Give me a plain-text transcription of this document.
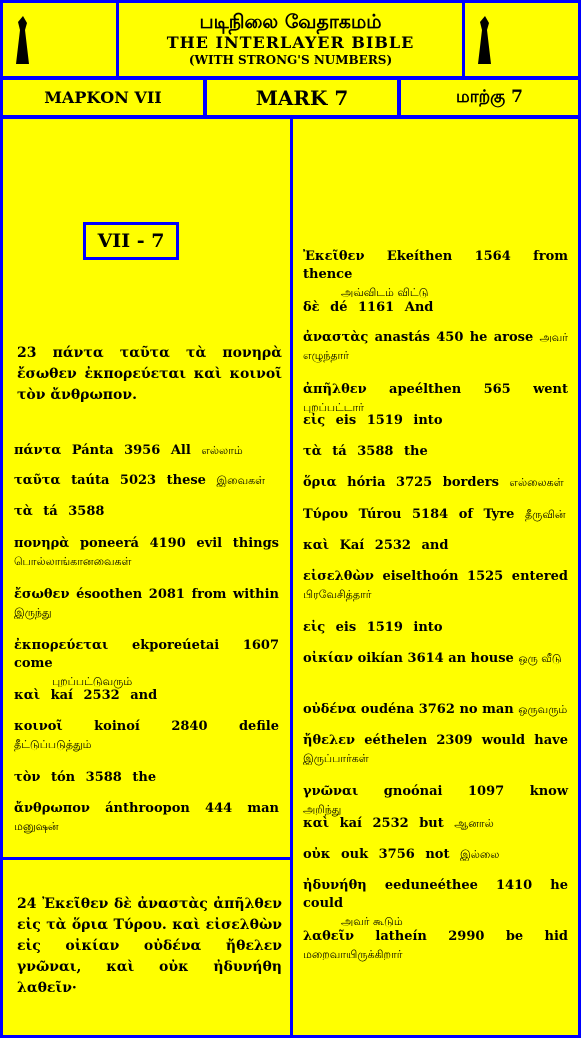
படிநிலை வேதாகமம்
THE INTERLAYER BIBLE
(WITH STRONG'S NUMBERS)
ΜΑΡΚΟΝ VII	MARK 7	மாற்கு 7
VII - 7
23 πάντα ταῦτα τὰ πονηρὰ ἔσωθεν ἐκπορεύεται καὶ κοινοῖ τὸν ἄνθρωπον.
πάντα Pánta 3956 All எல்லாம்
ταῦτα taúta 5023 these இவைகள்
τὰ tá 3588
πονηρὰ poneerá 4190 evil things பொல்லாங்கானவைகள்
ἔσωθεν ésoothen 2081 from within இருந்து
ἐκπορεύεται ekporeúetai 1607 come
புறப்பட்டுவரும்
καὶ kaí 2532 and
κοινοῖ koinoí 2840 defile தீட்டுப்படுத்தும்
τὸν tón 3588 the
ἄνθρωπον ánthroopon 444 man மனுஷன்
24 Ἐκεῖθεν δὲ ἀναστὰς ἀπῆλθεν εἰς τὰ ὅρια Τύρου. καὶ εἰσελθὼν εἰς οἰκίαν οὐδένα ἤθελεν γνῶναι, καὶ οὐκ ἠδυνήθη λαθεῖν·
Ἐκεῖθεν Ekeíthen 1564 from thence
அவ்விடம் விட்டு
δὲ dé 1161 And
ἀναστὰς anastás 450 he arose அவர் எழுந்தார்
ἀπῆλθεν apeélthen 565 went புறப்பட்டார்
εἰς eis 1519 into
τὰ tá 3588 the
ὅρια hória 3725 borders எல்லைகள்
Τύρου Túrou 5184 of Tyre தீருவின்
καὶ Kaí 2532 and
εἰσελθὼν eiselthoón 1525 entered பிரவேசித்தார்
εἰς eis 1519 into
οἰκίαν oikían 3614 an house ஒரு வீடு
οὐδένα oudéna 3762 no man ஒருவரும்
ἤθελεν eéthelen 2309 would have இருப்பார்கள்
γνῶναι gnoónai 1097 know அறிந்து
καὶ kaí 2532 but ஆனால்
οὐκ ouk 3756 not இல்லை
ἠδυνήθη eeduneéthee 1410 he could
அவர் கூடும்
λαθεῖν latheín 2990 be hid மறைவாயிருக்கிறார்
